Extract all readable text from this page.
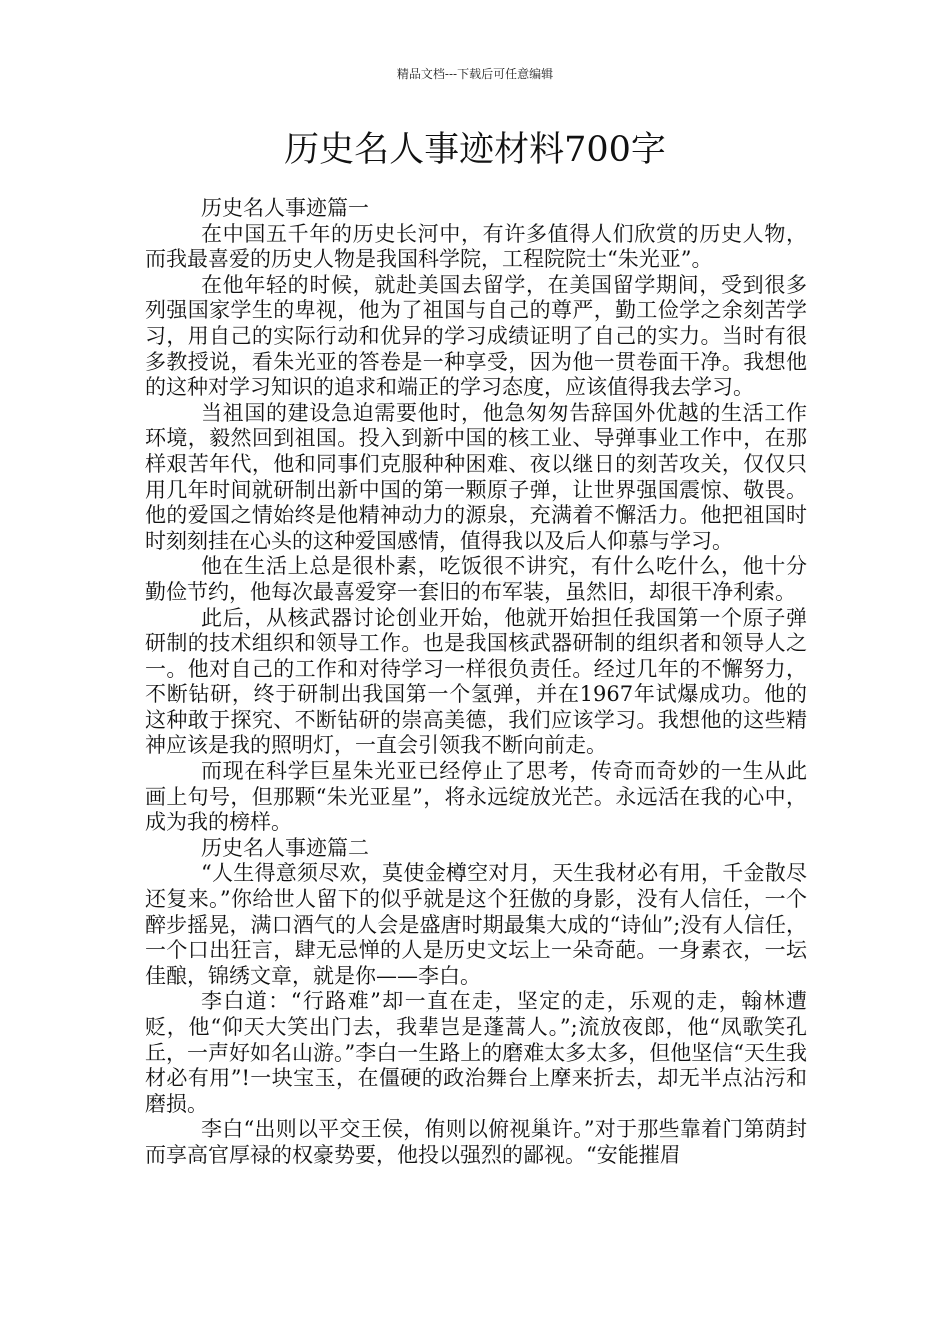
精品文档---下载后可任意编辑
历史名人事迹材料700字

历史名人事迹篇一

在中国五千年的历史长河中，有许多值得人们欣赏的历史人物，而我最喜爱的历史人物是我国科学院，工程院院士“朱光亚”。

在他年轻的时候，就赴美国去留学，在美国留学期间，受到很多列强国家学生的卑视，他为了祖国与自己的尊严，勤工俭学之余刻苦学习，用自己的实际行动和优异的学习成绩证明了自己的实力。当时有很多教授说，看朱光亚的答卷是一种享受，因为他一贯卷面干净。我想他的这种对学习知识的追求和端正的学习态度，应该值得我去学习。

当祖国的建设急迫需要他时，他急匆匆告辞国外优越的生活工作环境，毅然回到祖国。投入到新中国的核工业、导弹事业工作中，在那样艰苦年代，他和同事们克服种种困难、夜以继日的刻苦攻关，仅仅只用几年时间就研制出新中国的第一颗原子弹，让世界强国震惊、敬畏。他的爱国之情始终是他精神动力的源泉，充满着不懈活力。他把祖国时时刻刻挂在心头的这种爱国感情，值得我以及后人仰慕与学习。

他在生活上总是很朴素，吃饭很不讲究，有什么吃什么，他十分勤俭节约，他每次最喜爱穿一套旧的布军装，虽然旧，却很干净利索。

此后，从核武器讨论创业开始，他就开始担任我国第一个原子弹研制的技术组织和领导工作。也是我国核武器研制的组织者和领导人之一。他对自己的工作和对待学习一样很负责任。经过几年的不懈努力，不断钻研，终于研制出我国第一个氢弹，并在1967年试爆成功。他的这种敢于探究、不断钻研的崇高美德，我们应该学习。我想他的这些精神应该是我的照明灯，一直会引领我不断向前走。

而现在科学巨星朱光亚已经停止了思考，传奇而奇妙的一生从此画上句号，但那颗“朱光亚星”，将永远绽放光芒。永远活在我的心中，成为我的榜样。

历史名人事迹篇二

“人生得意须尽欢，莫使金樽空对月，天生我材必有用，千金散尽还复来。”你给世人留下的似乎就是这个狂傲的身影，没有人信任，一个醉步摇晃，满口酒气的人会是盛唐时期最集大成的“诗仙”;没有人信任，一个口出狂言，肆无忌惮的人是历史文坛上一朵奇葩。一身素衣，一坛佳酿，锦绣文章，就是你——李白。

李白道：“行路难”却一直在走，坚定的走，乐观的走，翰林遭贬，他“仰天大笑出门去，我辈岂是蓬蒿人。”;流放夜郎，他“凤歌笑孔丘，一声好如名山游。”李白一生路上的磨难太多太多，但他坚信“天生我材必有用”!一块宝玉，在僵硬的政治舞台上摩来折去，却无半点沾污和磨损。

李白“出则以平交王侯，侑则以俯视巢许。”对于那些靠着门第荫封而享高官厚禄的权豪势要，他投以强烈的鄙视。“安能摧眉
